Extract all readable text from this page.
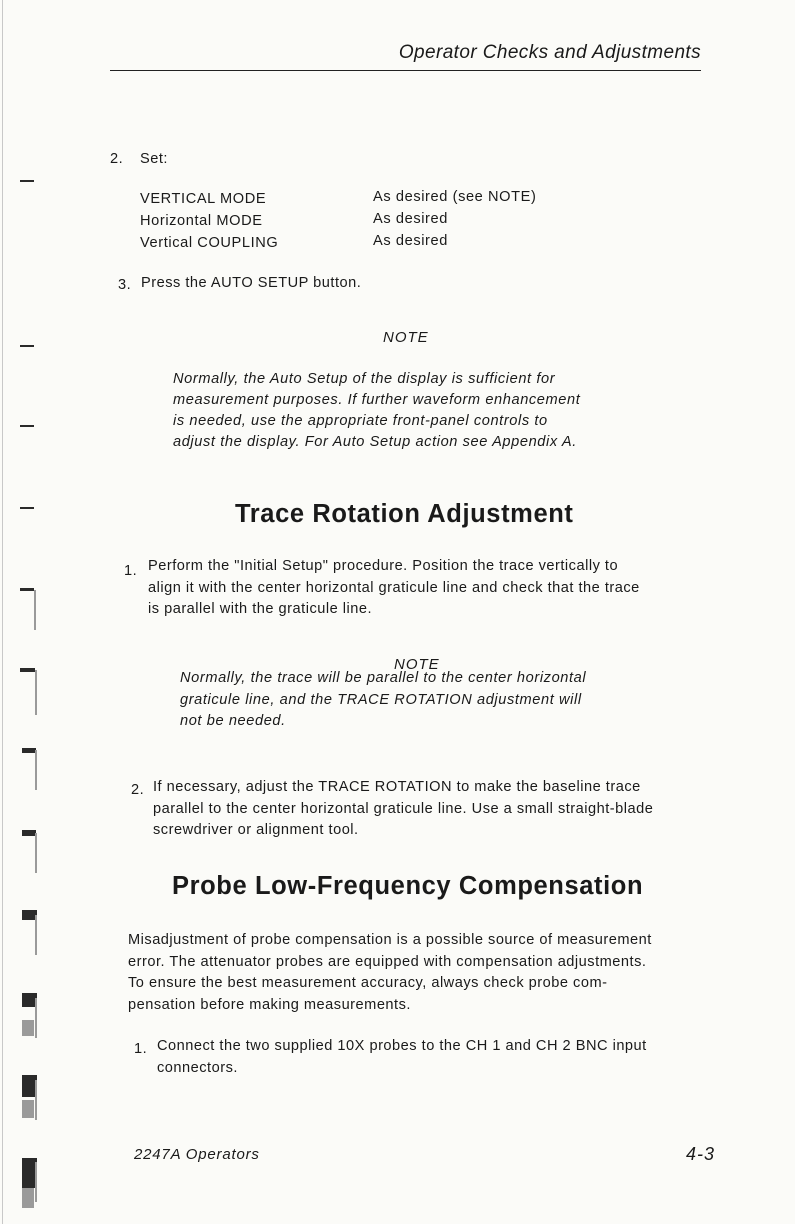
Operator Checks and Adjustments
2. Set:
VERTICAL MODE
Horizontal MODE
Vertical COUPLING
As desired (see NOTE)
As desired
As desired
3. Press the AUTO SETUP button.
NOTE
Normally, the Auto Setup of the display is sufficient for
measurement purposes. If further waveform enhancement
is needed, use the appropriate front-panel controls to
adjust the display. For Auto Setup action see Appendix A.
Trace Rotation Adjustment
1. Perform the "Initial Setup" procedure. Position the trace vertically to
align it with the center horizontal graticule line and check that the trace
is parallel with the graticule line.
NOTE
Normally, the trace will be parallel to the center horizontal
graticule line, and the TRACE ROTATION adjustment will
not be needed.
2. If necessary, adjust the TRACE ROTATION to make the baseline trace
parallel to the center horizontal graticule line. Use a small straight-blade
screwdriver or alignment tool.
Probe Low-Frequency Compensation
Misadjustment of probe compensation is a possible source of measurement
error. The attenuator probes are equipped with compensation adjustments.
To ensure the best measurement accuracy, always check probe com-
pensation before making measurements.
1. Connect the two supplied 10X probes to the CH 1 and CH 2 BNC input
connectors.
2247A Operators	4-3
